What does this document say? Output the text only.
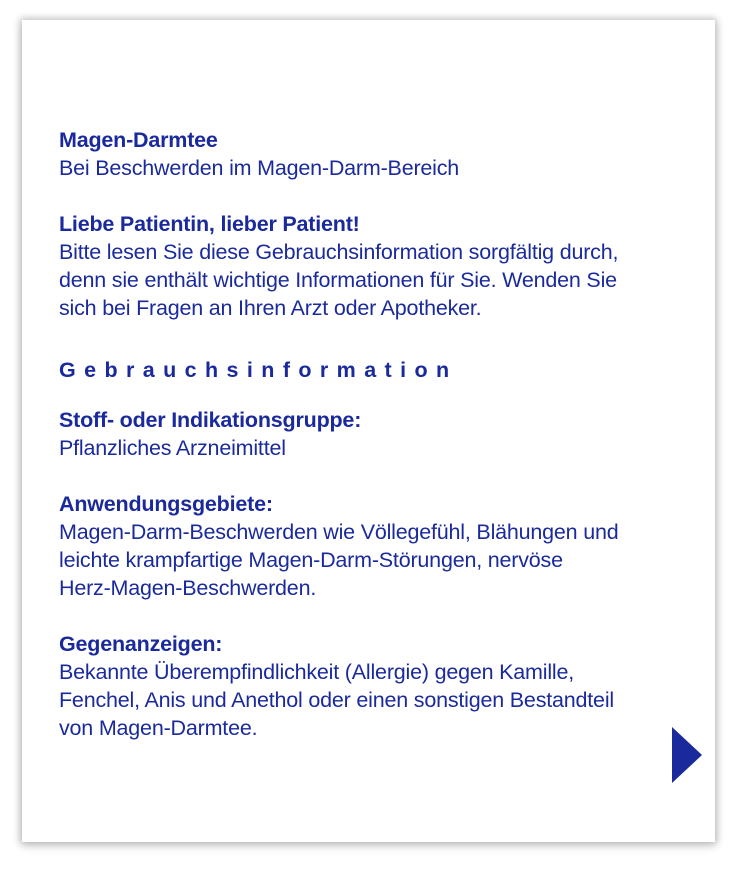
Magen-Darmtee

Bei Beschwerden im Magen-Darm-Bereich

Liebe Patientin, lieber Patient!

Bitte lesen Sie diese Gebrauchsinformation sorgfältig durch,

denn sie enthält wichtige Informationen für Sie. Wenden Sie

sich bei Fragen an Ihren Arzt oder Apotheker.

Gebrauchsinformation

Stoff- oder Indikationsgruppe:

Pflanzliches Arzneimittel

Anwendungsgebiete:

Magen-Darm-Beschwerden wie Völlegefühl, Blähungen und

leichte krampfartige Magen-Darm-Störungen, nervöse

Herz-Magen-Beschwerden.

Gegenanzeigen:

Bekannte Überempfindlichkeit (Allergie) gegen Kamille,

Fenchel, Anis und Anethol oder einen sonstigen Bestandteil

von Magen-Darmtee.
